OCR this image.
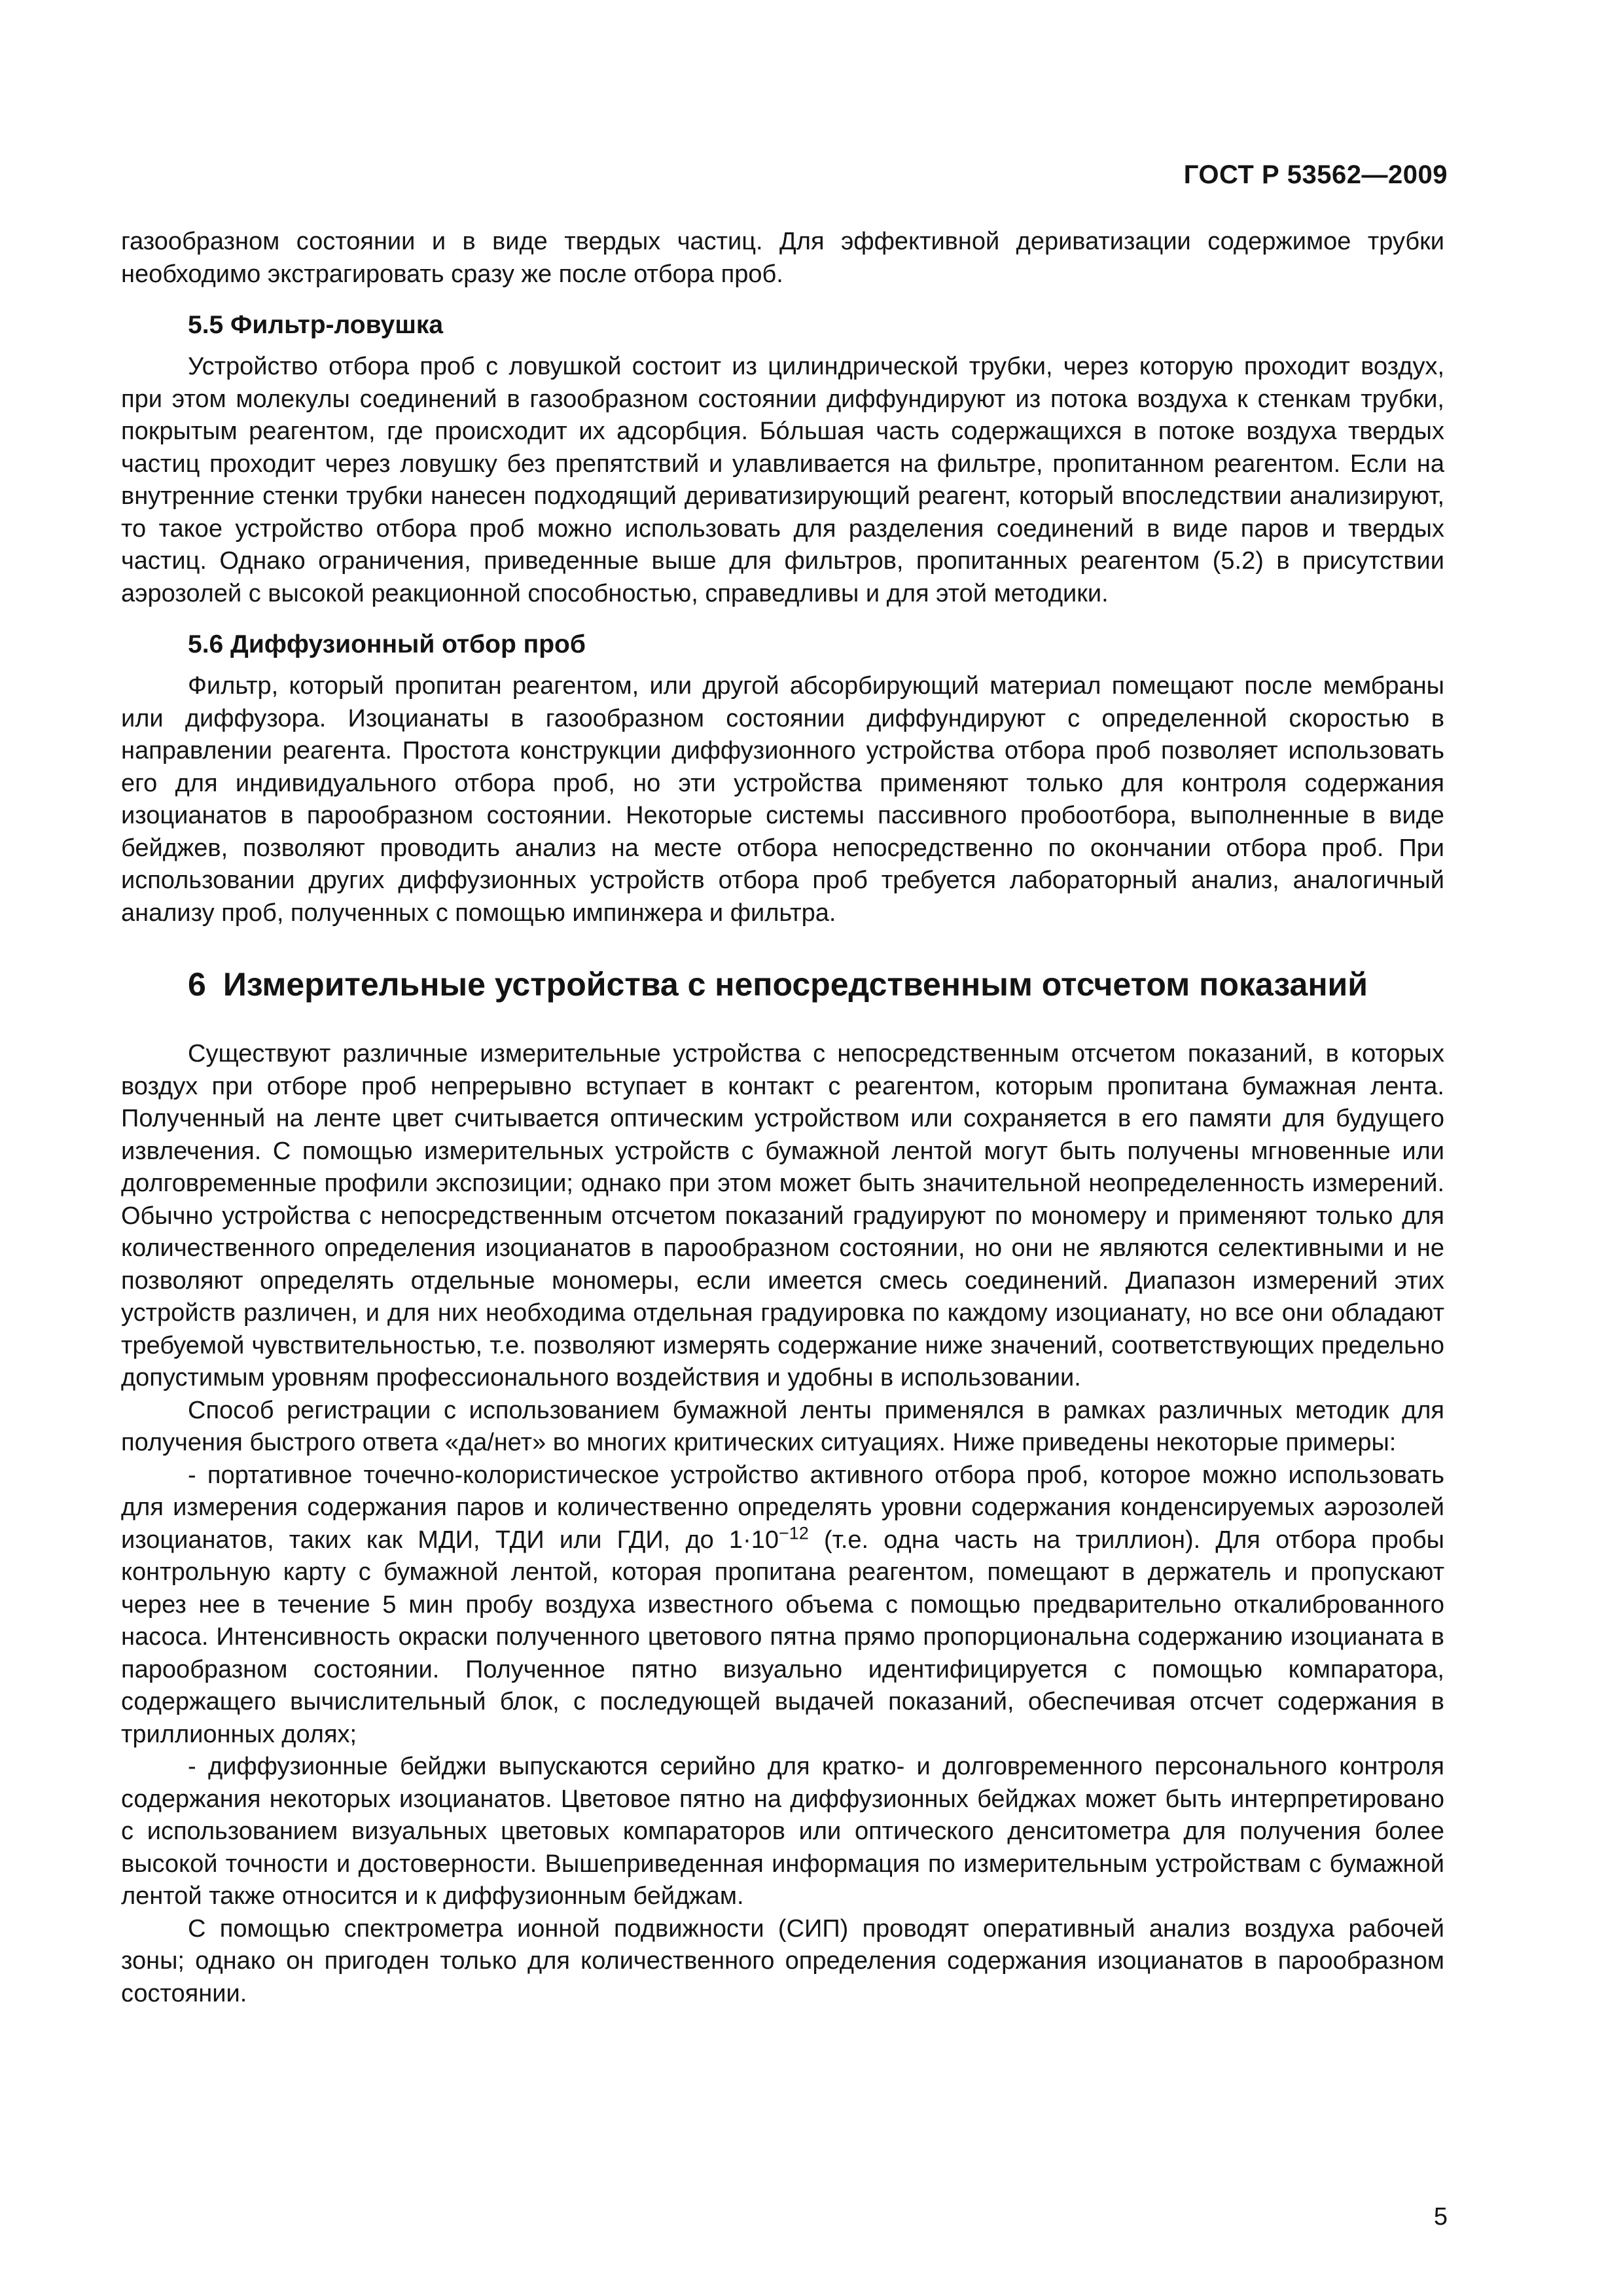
ГОСТ Р 53562—2009

газообразном состоянии и в виде твердых частиц. Для эффективной дериватизации содержимое трубки необходимо экстрагировать сразу же после отбора проб.

5.5 Фильтр-ловушка

Устройство отбора проб с ловушкой состоит из цилиндрической трубки, через которую проходит воздух, при этом молекулы соединений в газообразном состоянии диффундируют из потока воздуха к стенкам трубки, покрытым реагентом, где происходит их адсорбция. Бóльшая часть содержащихся в потоке воздуха твердых частиц проходит через ловушку без препятствий и улавливается на фильтре, пропитанном реагентом. Если на внутренние стенки трубки нанесен подходящий дериватизирующий реагент, который впоследствии анализируют, то такое устройство отбора проб можно использовать для разделения соединений в виде паров и твердых частиц. Однако ограничения, приведенные выше для фильтров, пропитанных реагентом (5.2) в присутствии аэрозолей с высокой реакционной способностью, справедливы и для этой методики.

5.6 Диффузионный отбор проб

Фильтр, который пропитан реагентом, или другой абсорбирующий материал помещают после мембраны или диффузора. Изоцианаты в газообразном состоянии диффундируют с определенной скоростью в направлении реагента. Простота конструкции диффузионного устройства отбора проб позволяет использовать его для индивидуального отбора проб, но эти устройства применяют только для контроля содержания изоцианатов в парообразном состоянии. Некоторые системы пассивного пробоотбора, выполненные в виде бейджев, позволяют проводить анализ на месте отбора непосредственно по окончании отбора проб. При использовании других диффузионных устройств отбора проб требуется лабораторный анализ, аналогичный анализу проб, полученных с помощью импинжера и фильтра.

6 Измерительные устройства с непосредственным отсчетом показаний

Существуют различные измерительные устройства с непосредственным отсчетом показаний, в которых воздух при отборе проб непрерывно вступает в контакт с реагентом, которым пропитана бумажная лента. Полученный на ленте цвет считывается оптическим устройством или сохраняется в его памяти для будущего извлечения. С помощью измерительных устройств с бумажной лентой могут быть получены мгновенные или долговременные профили экспозиции; однако при этом может быть значительной неопределенность измерений. Обычно устройства с непосредственным отсчетом показаний градуируют по мономеру и применяют только для количественного определения изоцианатов в парообразном состоянии, но они не являются селективными и не позволяют определять отдельные мономеры, если имеется смесь соединений. Диапазон измерений этих устройств различен, и для них необходима отдельная градуировка по каждому изоцианату, но все они обладают требуемой чувствительностью, т.е. позволяют измерять содержание ниже значений, соответствующих предельно допустимым уровням профессионального воздействия и удобны в использовании.

Способ регистрации с использованием бумажной ленты применялся в рамках различных методик для получения быстрого ответа «да/нет» во многих критических ситуациях. Ниже приведены некоторые примеры:

- портативное точечно-колористическое устройство активного отбора проб, которое можно использовать для измерения содержания паров и количественно определять уровни содержания конденсируемых аэрозолей изоцианатов, таких как МДИ, ТДИ или ГДИ, до $1\cdot 10^{-12}$ (т.е. одна часть на триллион). Для отбора пробы контрольную карту с бумажной лентой, которая пропитана реагентом, помещают в держатель и пропускают через нее в течение 5 мин пробу воздуха известного объема с помощью предварительно откалиброванного насоса. Интенсивность окраски полученного цветового пятна прямо пропорциональна содержанию изоцианата в парообразном состоянии. Полученное пятно визуально идентифицируется с помощью компаратора, содержащего вычислительный блок, с последующей выдачей показаний, обеспечивая отсчет содержания в триллионных долях;

- диффузионные бейджи выпускаются серийно для кратко- и долговременного персонального контроля содержания некоторых изоцианатов. Цветовое пятно на диффузионных бейджах может быть интерпретировано с использованием визуальных цветовых компараторов или оптического денситометра для получения более высокой точности и достоверности. Вышеприведенная информация по измерительным устройствам с бумажной лентой также относится и к диффузионным бейджам.

С помощью спектрометра ионной подвижности (СИП) проводят оперативный анализ воздуха рабочей зоны; однако он пригоден только для количественного определения содержания изоцианатов в парообразном состоянии.

5
